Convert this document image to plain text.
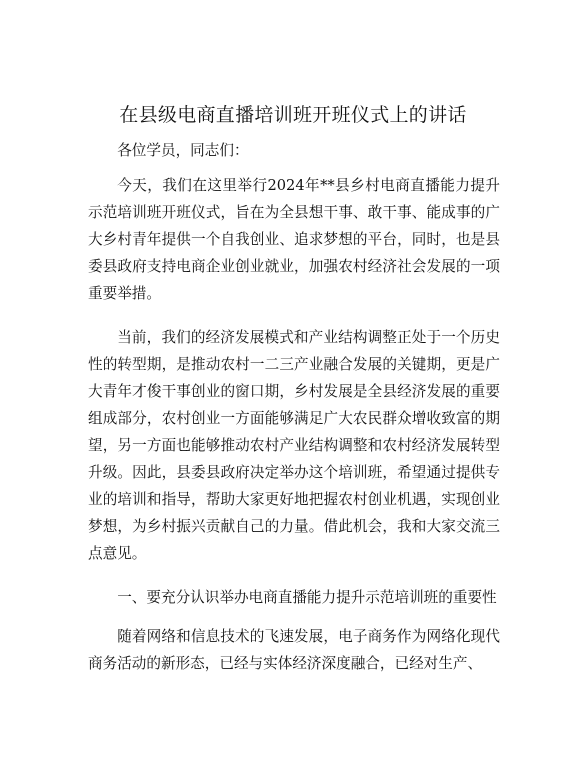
在县级电商直播培训班开班仪式上的讲话

各位学员，同志们：

今天，我们在这里举行2024年**县乡村电商直播能力提升示范培训班开班仪式，旨在为全县想干事、敢干事、能成事的广大乡村青年提供一个自我创业、追求梦想的平台，同时，也是县委县政府支持电商企业创业就业，加强农村经济社会发展的一项重要举措。

当前，我们的经济发展模式和产业结构调整正处于一个历史性的转型期，是推动农村一二三产业融合发展的关键期，更是广大青年才俊干事创业的窗口期，乡村发展是全县经济发展的重要组成部分，农村创业一方面能够满足广大农民群众增收致富的期望，另一方面也能够推动农村产业结构调整和农村经济发展转型升级。因此，县委县政府决定举办这个培训班，希望通过提供专业的培训和指导，帮助大家更好地把握农村创业机遇，实现创业梦想，为乡村振兴贡献自己的力量。借此机会，我和大家交流三点意见。

一、要充分认识举办电商直播能力提升示范培训班的重要性

随着网络和信息技术的飞速发展，电子商务作为网络化现代商务活动的新形态，已经与实体经济深度融合，已经对生产、
